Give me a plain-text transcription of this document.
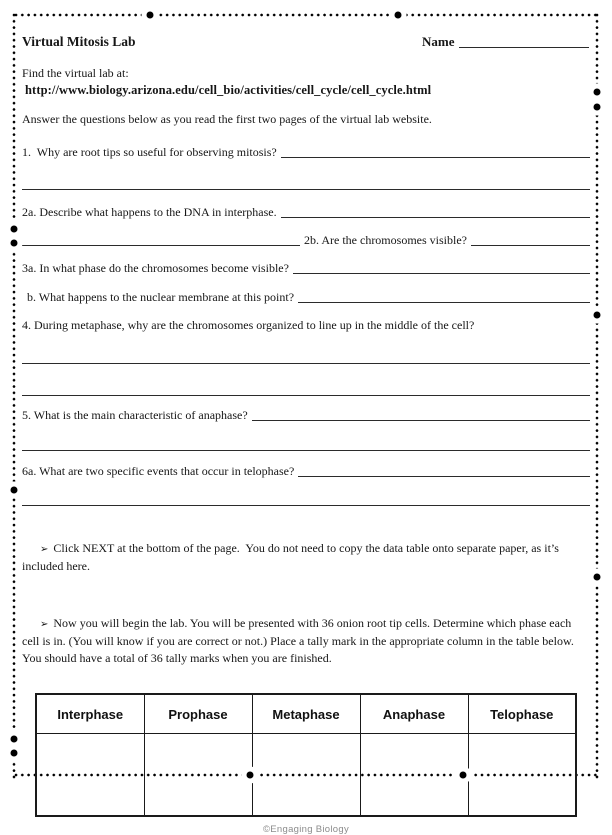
Virtual Mitosis Lab	Name
Find the virtual lab at:
http://www.biology.arizona.edu/cell_bio/activities/cell_cycle/cell_cycle.html
Answer the questions below as you read the first two pages of the virtual lab website.
1.  Why are root tips so useful for observing mitosis?
2a. Describe what happens to the DNA in interphase.
2b. Are the chromosomes visible?
3a. In what phase do the chromosomes become visible?
b. What happens to the nuclear membrane at this point?
4. During metaphase, why are the chromosomes organized to line up in the middle of the cell?
5. What is the main characteristic of anaphase?
6a. What are two specific events that occur in telophase?

➢ Click NEXT at the bottom of the page.  You do not need to copy the data table onto separate paper, as it’s included here.

➢ Now you will begin the lab. You will be presented with 36 onion root tip cells. Determine which phase each cell is in. (You will know if you are correct or not.) Place a tally mark in the appropriate column in the table below. You should have a total of 36 tally marks when you are finished.

Interphase	Prophase	Metaphase	Anaphase	Telophase

©Engaging Biology
